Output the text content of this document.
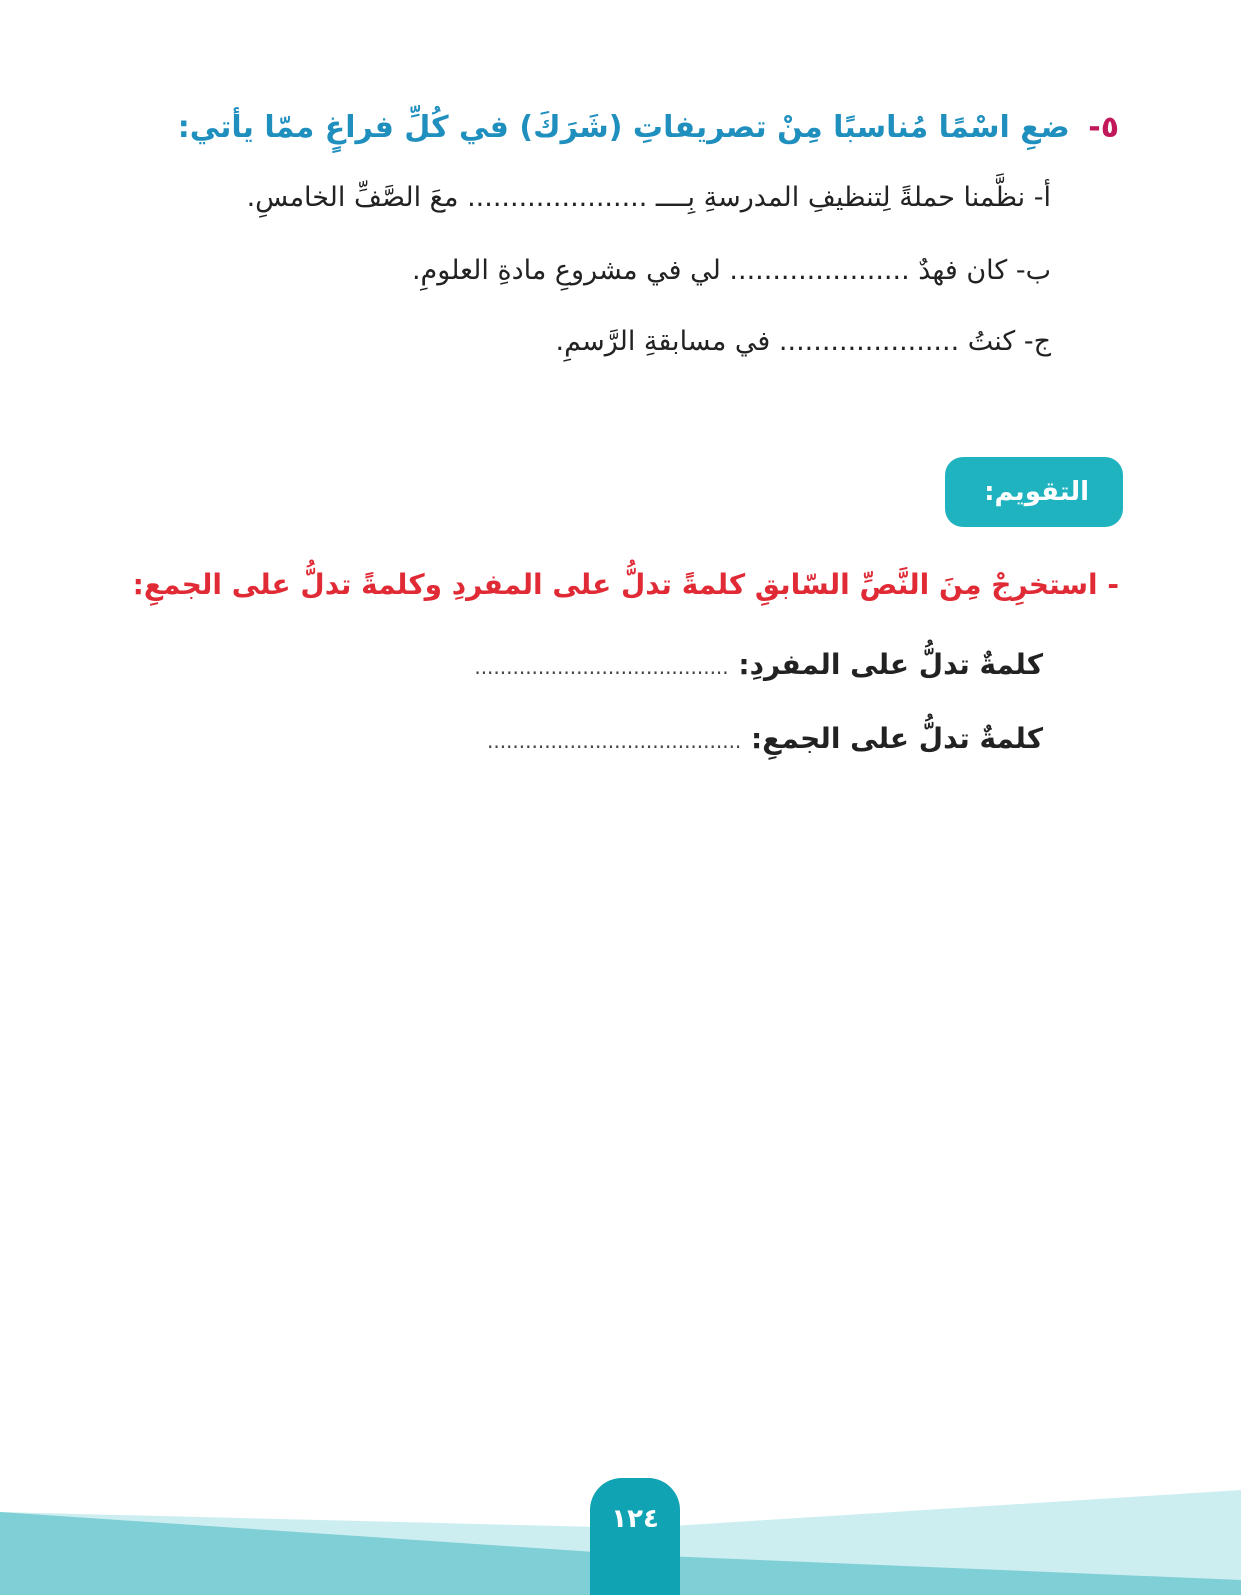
٥- ضعِ اسْمًا مُناسبًا مِنْ تصريفاتِ (شَرَكَ) في كُلِّ فراغٍ ممّا يأتي:
أ- نظَّمنا حملةً لِتنظيفِ المدرسةِ بِــــ ..................... معَ الصَّفِّ الخامسِ.
ب- كان فهدٌ ..................... لي في مشروعِ مادةِ العلومِ.
ج- كنتُ ..................... في مسابقةِ الرَّسمِ.
التقويم:
- استخرِجْ مِنَ النَّصِّ السّابقِ كلمةً تدلُّ على المفردِ وكلمةً تدلُّ على الجمعِ:
كلمةٌ تدلُّ على المفردِ: ........................................
كلمةٌ تدلُّ على الجمعِ: ........................................
١٢٤
